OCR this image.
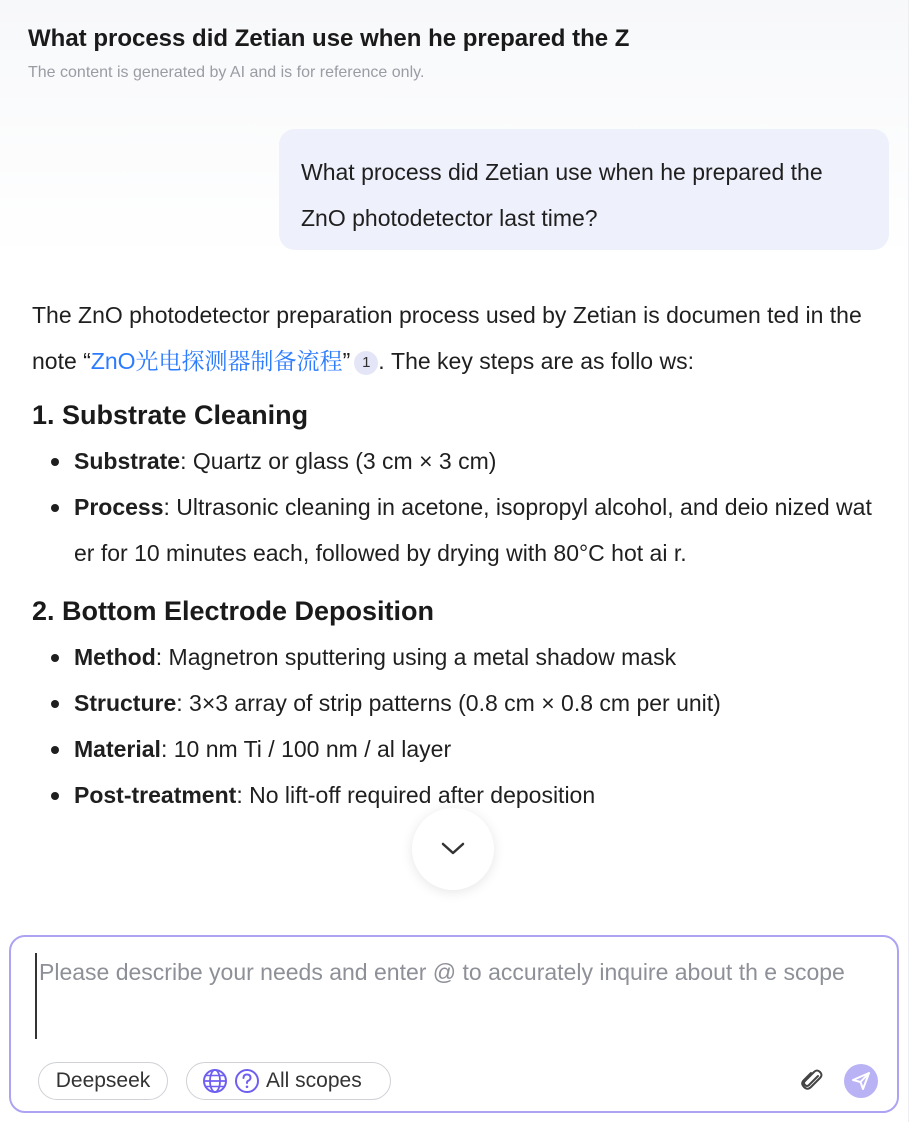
What process did Zetian use when he prepared the Z
The content is generated by AI and is for reference only.
What process did Zetian use when he prepared the ZnO photodetector last time?

The ZnO photodetector preparation process used by Zetian is documen ted in the note “ZnO光电探测器制备流程” 1 . The key steps are as follo ws:

1. Substrate Cleaning
Substrate: Quartz or glass (3 cm × 3 cm)
Process: Ultrasonic cleaning in acetone, isopropyl alcohol, and deio nized water for 10 minutes each, followed by drying with 80°C hot ai r.
2. Bottom Electrode Deposition
Method: Magnetron sputtering using a metal shadow mask
Structure: 3×3 array of strip patterns (0.8 cm × 0.8 cm per unit)
Material: 10 nm Ti / 100 nm / al layer
Post-treatment: No lift-off required after deposition
Please describe your needs and enter @ to accurately inquire about th e scope
Deepseek	All scopes
